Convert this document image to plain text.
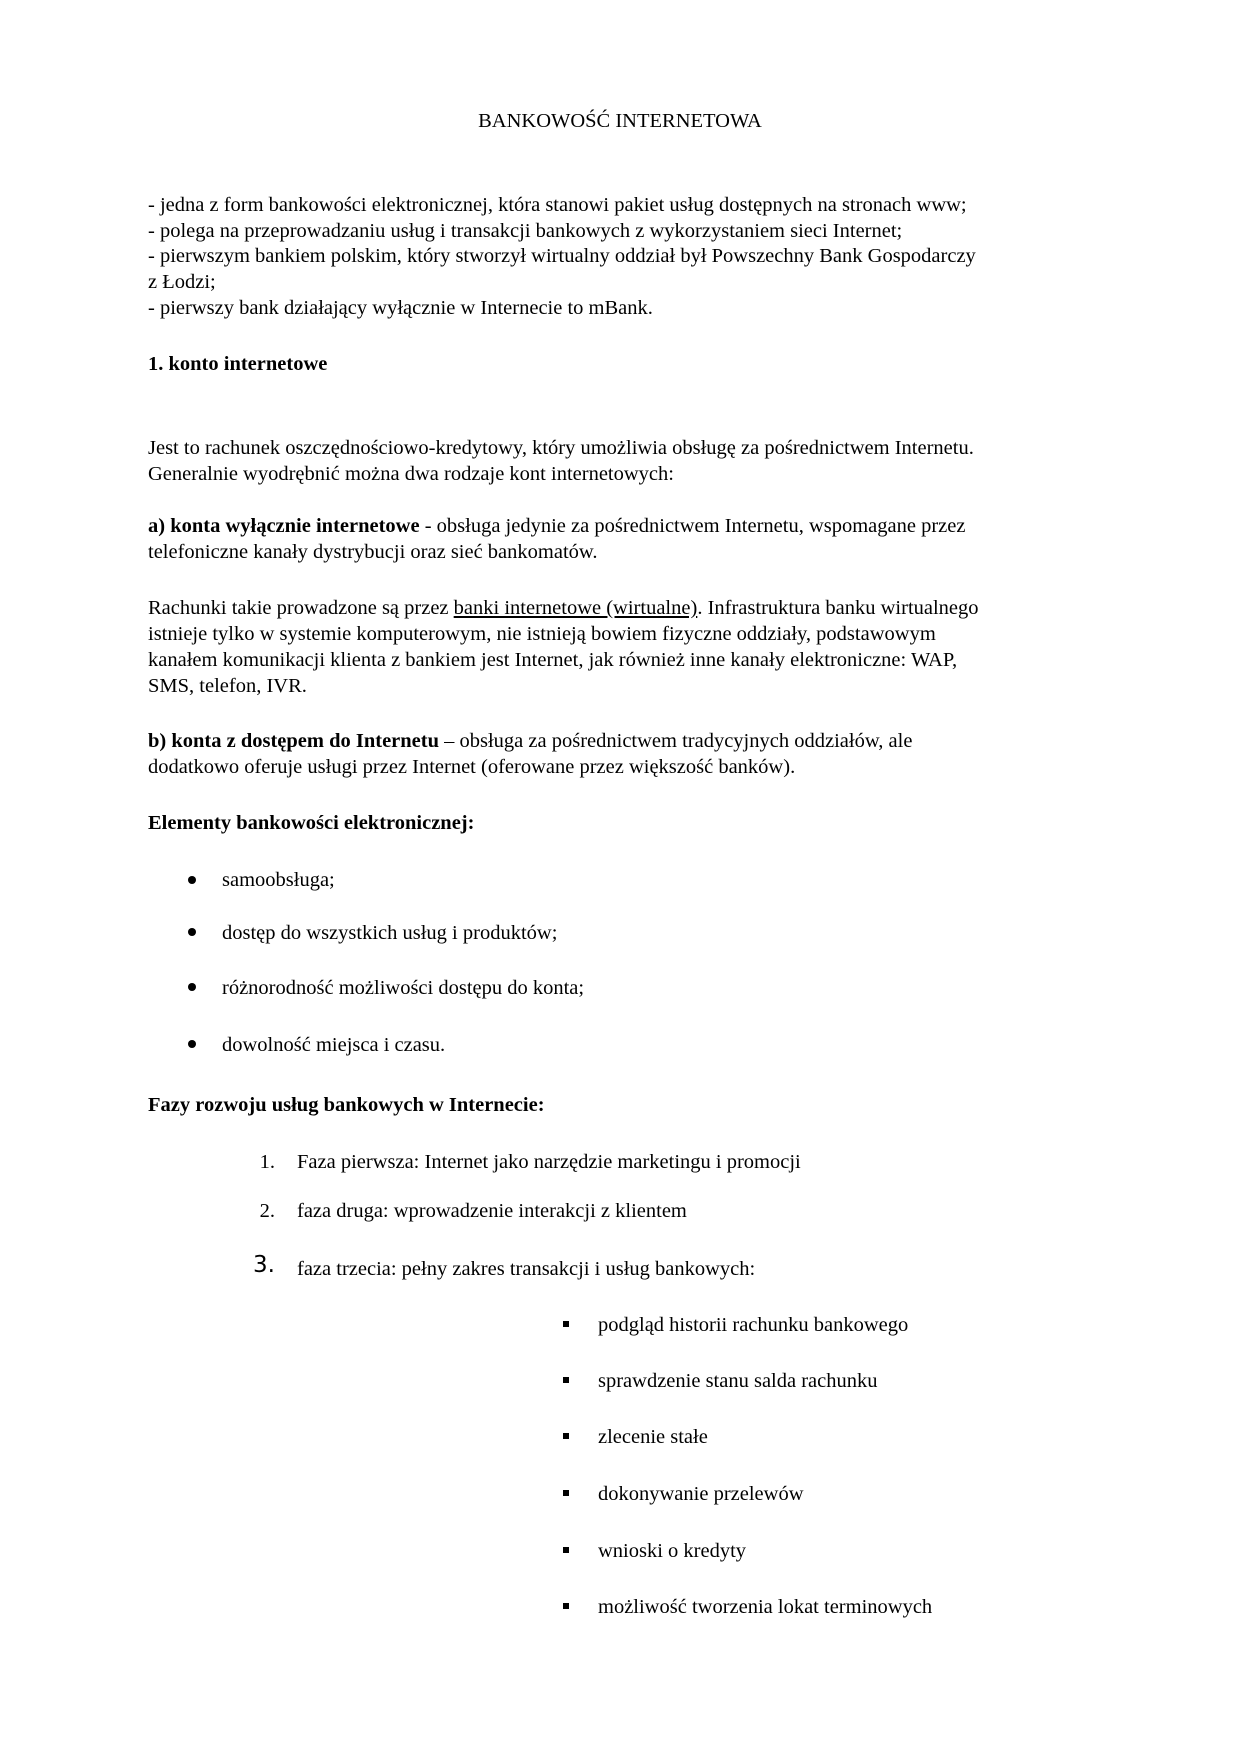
BANKOWOŚĆ INTERNETOWA
- jedna z form bankowości elektronicznej, która stanowi pakiet usług dostępnych na stronach www;
- polega na przeprowadzaniu usług i transakcji bankowych z wykorzystaniem sieci Internet;
- pierwszym bankiem polskim, który stworzył wirtualny oddział był Powszechny Bank Gospodarczy
z Łodzi;
- pierwszy bank działający wyłącznie w Internecie to mBank.
1. konto internetowe
Jest to rachunek oszczędnościowo-kredytowy, który umożliwia obsługę za pośrednictwem Internetu.
Generalnie wyodrębnić można dwa rodzaje kont internetowych:
a) konta wyłącznie internetowe - obsługa jedynie za pośrednictwem Internetu, wspomagane przez
telefoniczne kanały dystrybucji oraz sieć bankomatów.
Rachunki takie prowadzone są przez banki internetowe (wirtualne). Infrastruktura banku wirtualnego
istnieje tylko w systemie komputerowym, nie istnieją bowiem fizyczne oddziały, podstawowym
kanałem komunikacji klienta z bankiem jest Internet, jak również inne kanały elektroniczne: WAP,
SMS, telefon, IVR.
b) konta z dostępem do Internetu – obsługa za pośrednictwem tradycyjnych oddziałów, ale
dodatkowo oferuje usługi przez Internet (oferowane przez większość banków).
Elementy bankowości elektronicznej:
samoobsługa;
dostęp do wszystkich usług i produktów;
różnorodność możliwości dostępu do konta;
dowolność miejsca i czasu.
Fazy rozwoju usług bankowych w Internecie:
1. Faza pierwsza: Internet jako narzędzie marketingu i promocji
2. faza druga: wprowadzenie interakcji z klientem
3. faza trzecia: pełny zakres transakcji i usług bankowych:
podgląd historii rachunku bankowego
sprawdzenie stanu salda rachunku
zlecenie stałe
dokonywanie przelewów
wnioski o kredyty
możliwość tworzenia lokat terminowych
